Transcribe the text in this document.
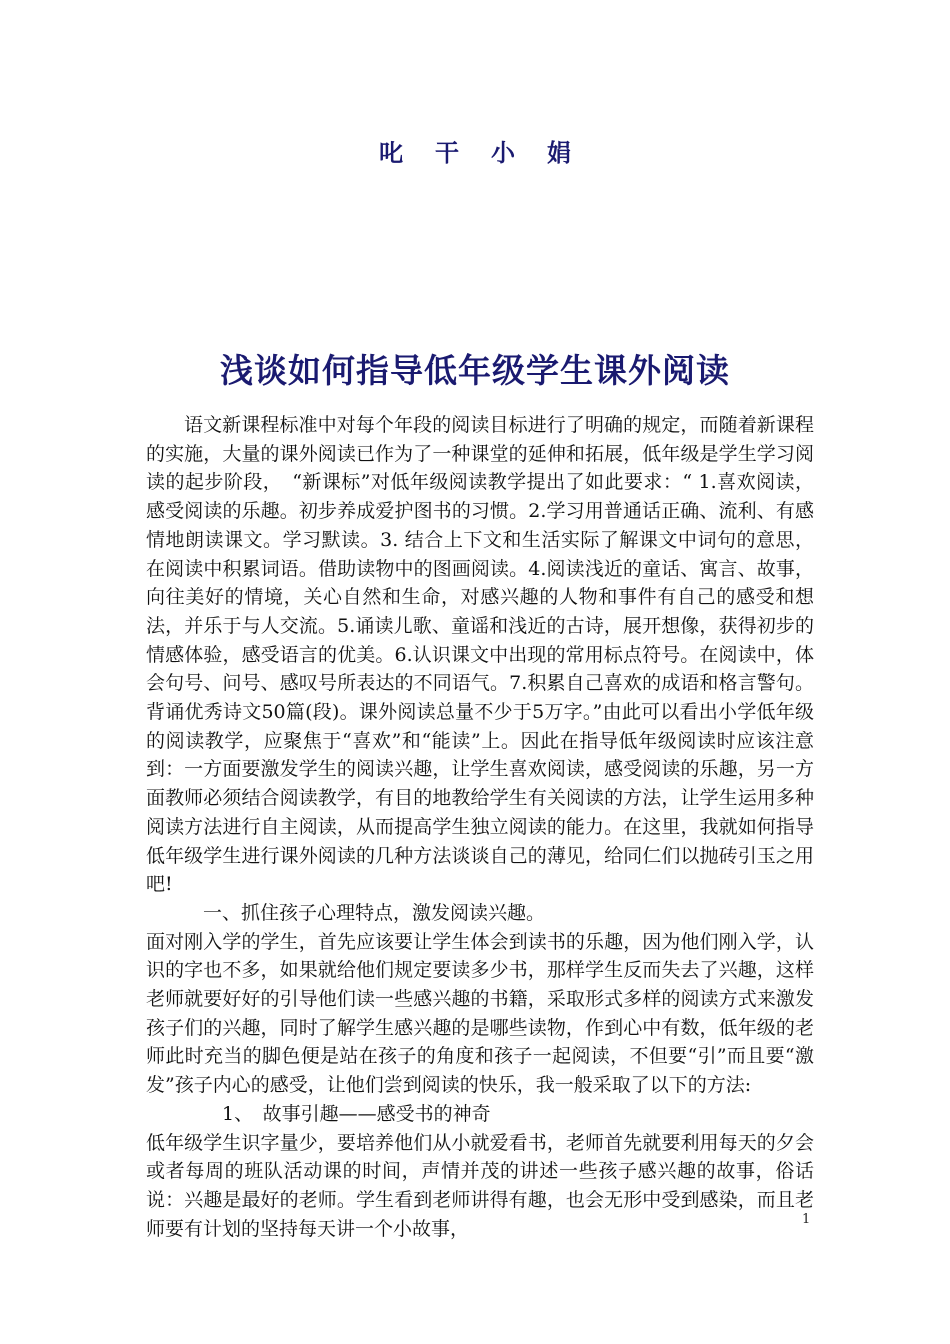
叱干小娟
浅谈如何指导低年级学生课外阅读

语文新课程标准中对每个年段的阅读目标进行了明确的规定，而随着新课程的实施，大量的课外阅读已作为了一种课堂的延伸和拓展，低年级是学生学习阅读的起步阶段，　“新课标”对低年级阅读教学提出了如此要求：“ 1.喜欢阅读，感受阅读的乐趣。初步养成爱护图书的习惯。2.学习用普通话正确、流利、有感情地朗读课文。学习默读。3. 结合上下文和生活实际了解课文中词句的意思，在阅读中积累词语。借助读物中的图画阅读。4.阅读浅近的童话、寓言、故事，向往美好的情境，关心自然和生命，对感兴趣的人物和事件有自己的感受和想法，并乐于与人交流。5.诵读儿歌、童谣和浅近的古诗，展开想像，获得初步的情感体验，感受语言的优美。6.认识课文中出现的常用标点符号。在阅读中，体会句号、问号、感叹号所表达的不同语气。7.积累自己喜欢的成语和格言警句。背诵优秀诗文50篇(段)。课外阅读总量不少于5万字。”由此可以看出小学低年级的阅读教学，应聚焦于“喜欢”和“能读”上。因此在指导低年级阅读时应该注意到：一方面要激发学生的阅读兴趣，让学生喜欢阅读，感受阅读的乐趣，另一方面教师必须结合阅读教学，有目的地教给学生有关阅读的方法，让学生运用多种阅读方法进行自主阅读，从而提高学生独立阅读的能力。在这里，我就如何指导低年级学生进行课外阅读的几种方法谈谈自己的薄见，给同仁们以抛砖引玉之用吧!

一、抓住孩子心理特点，激发阅读兴趣。

面对刚入学的学生，首先应该要让学生体会到读书的乐趣，因为他们刚入学，认识的字也不多，如果就给他们规定要读多少书，那样学生反而失去了兴趣，这样老师就要好好的引导他们读一些感兴趣的书籍，采取形式多样的阅读方式来激发孩子们的兴趣，同时了解学生感兴趣的是哪些读物，作到心中有数，低年级的老师此时充当的脚色便是站在孩子的角度和孩子一起阅读，不但要“引”而且要“激发”孩子内心的感受，让他们尝到阅读的快乐，我一般采取了以下的方法:

1、　故事引趣——感受书的神奇

低年级学生识字量少，要培养他们从小就爱看书，老师首先就要利用每天的夕会或者每周的班队活动课的时间，声情并茂的讲述一些孩子感兴趣的故事，俗话说：兴趣是最好的老师。学生看到老师讲得有趣，也会无形中受到感染，而且老师要有计划的坚持每天讲一个小故事，	1
